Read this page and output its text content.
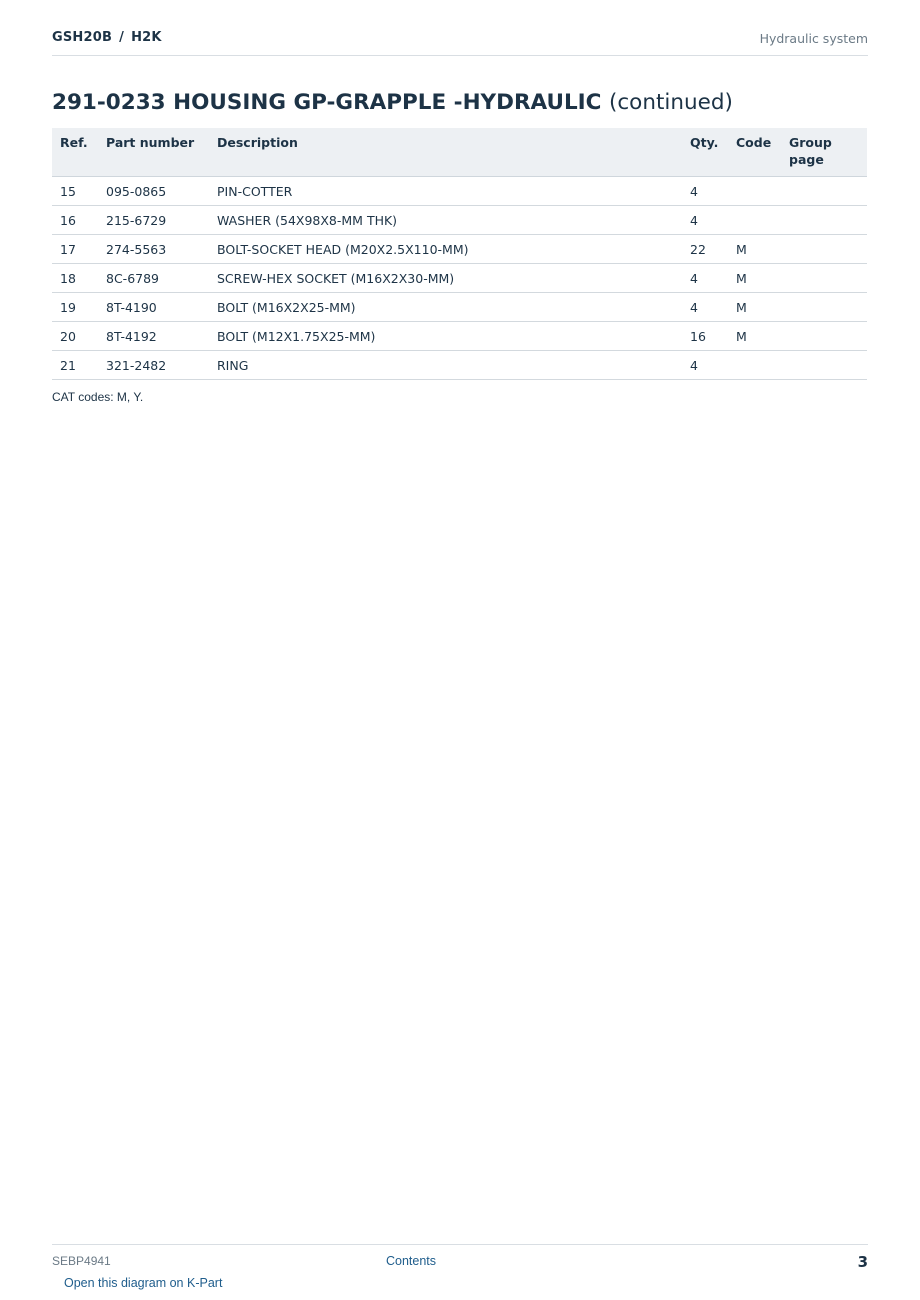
GSH20B / H2K	Hydraulic system
291-0233 HOUSING GP-GRAPPLE -HYDRAULIC (continued)
Ref.	Part number	Description	Qty.	Code	Group page
15	095-0865	PIN-COTTER	4		
16	215-6729	WASHER (54X98X8-MM THK)	4		
17	274-5563	BOLT-SOCKET HEAD (M20X2.5X110-MM)	22	M	
18	8C-6789	SCREW-HEX SOCKET (M16X2X30-MM)	4	M	
19	8T-4190	BOLT (M16X2X25-MM)	4	M	
20	8T-4192	BOLT (M12X1.75X25-MM)	16	M	
21	321-2482	RING	4		
CAT codes: M, Y.
SEBP4941	Contents	3
Open this diagram on K-Part
